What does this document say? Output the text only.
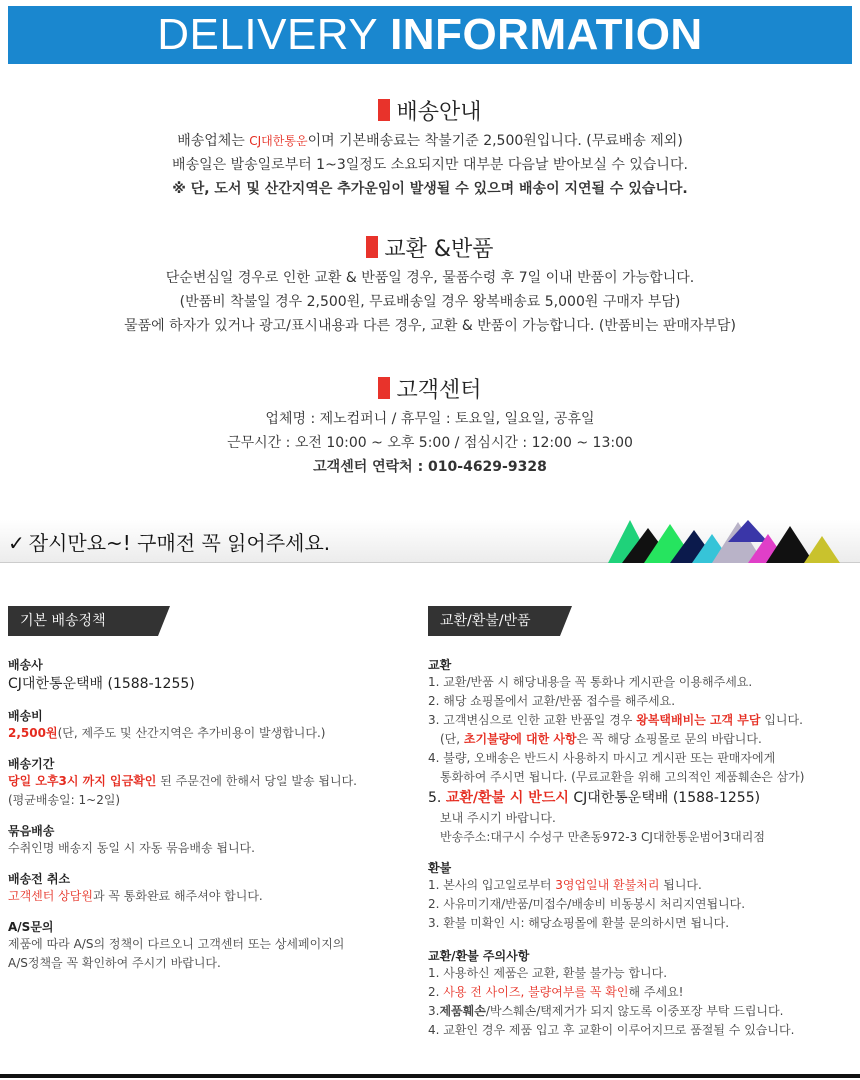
DELIVERY INFORMATION
배송안내
배송업체는 CJ대한통운이며 기본배송료는 착불기준 2,500원입니다. (무료배송 제외)
배송일은 발송일로부터 1~3일정도 소요되지만 대부분 다음날 받아보실 수 있습니다.
※ 단, 도서 및 산간지역은 추가운임이 발생될 수 있으며 배송이 지연될 수 있습니다.
교환 &반품
단순변심일 경우로 인한 교환 & 반품일 경우, 물품수령 후 7일 이내 반품이 가능합니다.
(반품비 착불일 경우 2,500원, 무료배송일 경우 왕복배송료 5,000원 구매자 부담)
물품에 하자가 있거나 광고/표시내용과 다른 경우, 교환 & 반품이 가능합니다. (반품비는 판매자부담)
고객센터
업체명 : 제노컴퍼니 / 휴무일 : 토요일, 일요일, 공휴일
근무시간 : 오전 10:00 ~ 오후 5:00 / 점심시간 : 12:00 ~ 13:00
고객센터 연락처 : 010-4629-9328
✓ 잠시만요~! 구매전 꼭 읽어주세요.
기본 배송정책
배송사
CJ대한통운택배 (1588-1255)
배송비
2,500원(단, 제주도 및 산간지역은 추가비용이 발생합니다.)
배송기간
당일 오후3시 까지 입금확인 된 주문건에 한해서 당일 발송 됩니다.
(평균배송일: 1~2일)
묶음배송
수취인명 배송지 동일 시 자동 묶음배송 됩니다.
배송전 취소
고객센터 상담원과 꼭 통화완료 해주셔야 합니다.
A/S문의
제품에 따라 A/S의 정책이 다르오니 고객센터 또는 상세페이지의
A/S정책을 꼭 확인하여 주시기 바랍니다.
교환/환불/반품
교환
1. 교환/반품 시 해당내용을 꼭 통화나 게시판을 이용해주세요.
2. 해당 쇼핑몰에서 교환/반품 접수를 해주세요.
3. 고객변심으로 인한 교환 반품일 경우 왕복택배비는 고객 부담 입니다.
(단, 초기불량에 대한 사항은 꼭 해당 쇼핑몰로 문의 바랍니다.
4. 불량, 오배송은 반드시 사용하지 마시고 게시판 또는 판매자에게
통화하여 주시면 됩니다. (무료교환을 위해 고의적인 제품훼손은 삼가)
5. 교환/환불 시 반드시 CJ대한통운택배 (1588-1255)
보내 주시기 바랍니다.
반송주소:대구시 수성구 만촌동972-3 CJ대한통운범어3대리점
환불
1. 본사의 입고일로부터 3영업일내 환불처리 됩니다.
2. 사유미기재/반품/미접수/배송비 비동봉시 처리지연됩니다.
3. 환불 미확인 시: 해당쇼핑몰에 환불 문의하시면 됩니다.
교환/환불 주의사항
1. 사용하신 제품은 교환, 환불 불가능 합니다.
2. 사용 전 사이즈, 불량여부를 꼭 확인해 주세요!
3.제품훼손/박스훼손/택제거가 되지 않도록 이중포장 부탁 드립니다.
4. 교환인 경우 제품 입고 후 교환이 이루어지므로 품절될 수 있습니다.
